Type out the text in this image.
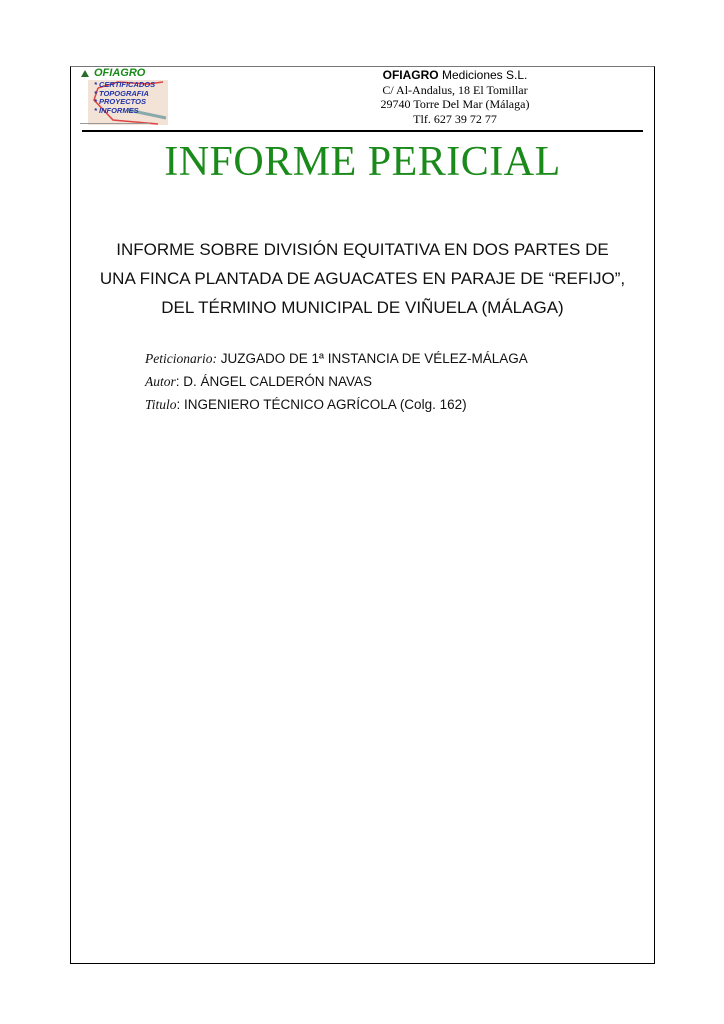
OFIAGRO
* CERTIFICADOS
* TOPOGRAFIA
* PROYECTOS
* INFORMES
OFIAGRO Mediciones S.L.
C/ Al-Andalus, 18 El Tomillar
29740 Torre Del Mar (Málaga)
Tlf. 627 39 72 77
INFORME PERICIAL
INFORME SOBRE DIVISIÓN EQUITATIVA EN DOS PARTES DE
UNA FINCA PLANTADA DE AGUACATES EN PARAJE DE “REFIJO”,
DEL TÉRMINO MUNICIPAL DE VIÑUELA (MÁLAGA)
Peticionario: JUZGADO DE 1ª INSTANCIA DE VÉLEZ-MÁLAGA
Autor: D. ÁNGEL CALDERÓN NAVAS
Titulo: INGENIERO TÉCNICO AGRÍCOLA (Colg. 162)
